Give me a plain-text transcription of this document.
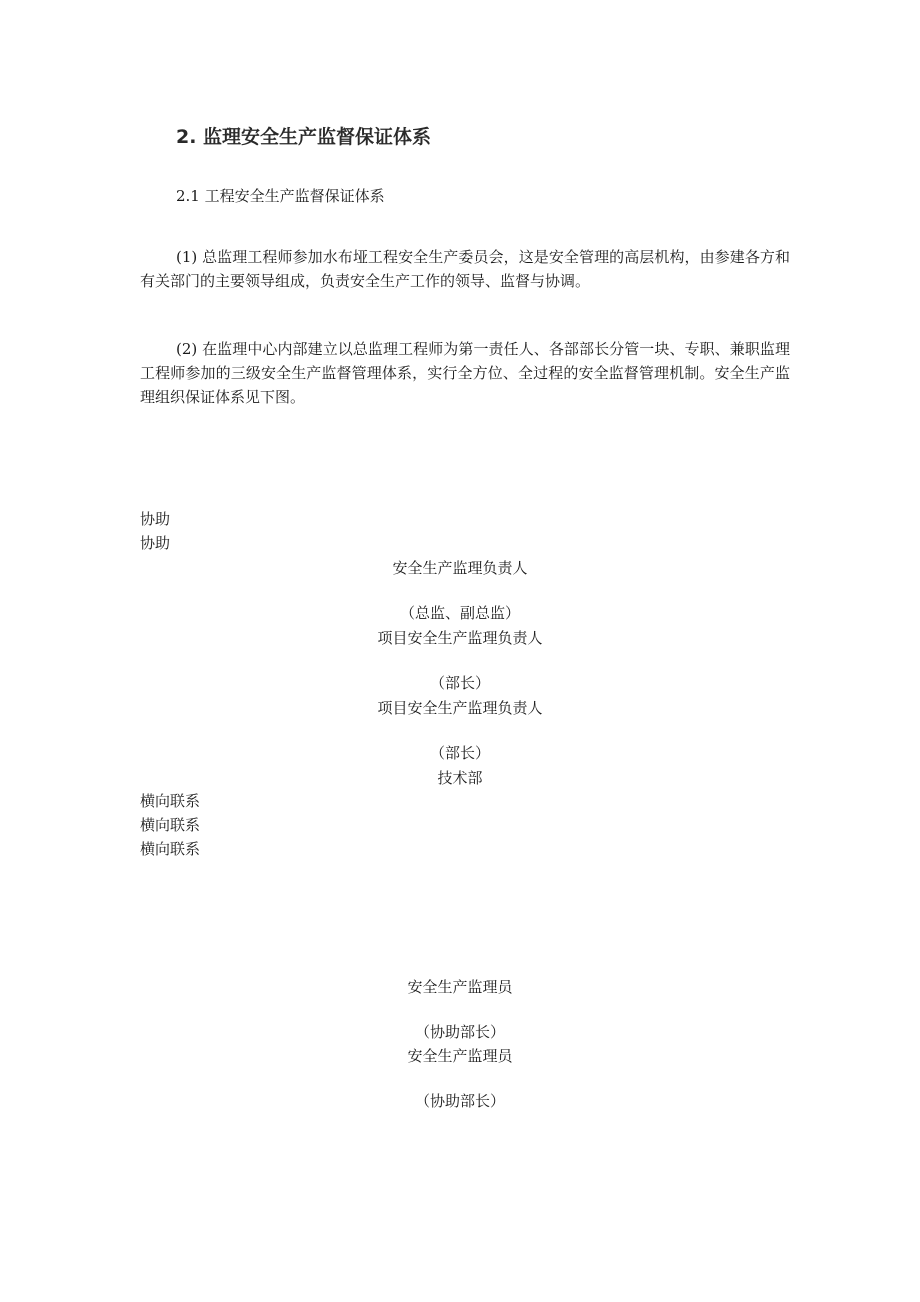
2. 监理安全生产监督保证体系
2.1 工程安全生产监督保证体系

(1) 总监理工程师参加水布垭工程安全生产委员会，这是安全管理的高层机构，由参建各方和有关部门的主要领导组成，负责安全生产工作的领导、监督与协调。

(2) 在监理中心内部建立以总监理工程师为第一责任人、各部部长分管一块、专职、兼职监理工程师参加的三级安全生产监督管理体系，实行全方位、全过程的安全监督管理机制。安全生产监理组织保证体系见下图。

协助
协助
安全生产监理负责人
（总监、副总监）
项目安全生产监理负责人
（部长）
项目安全生产监理负责人
（部长）
技术部
横向联系
横向联系
横向联系
安全生产监理员
（协助部长）
安全生产监理员
（协助部长）
